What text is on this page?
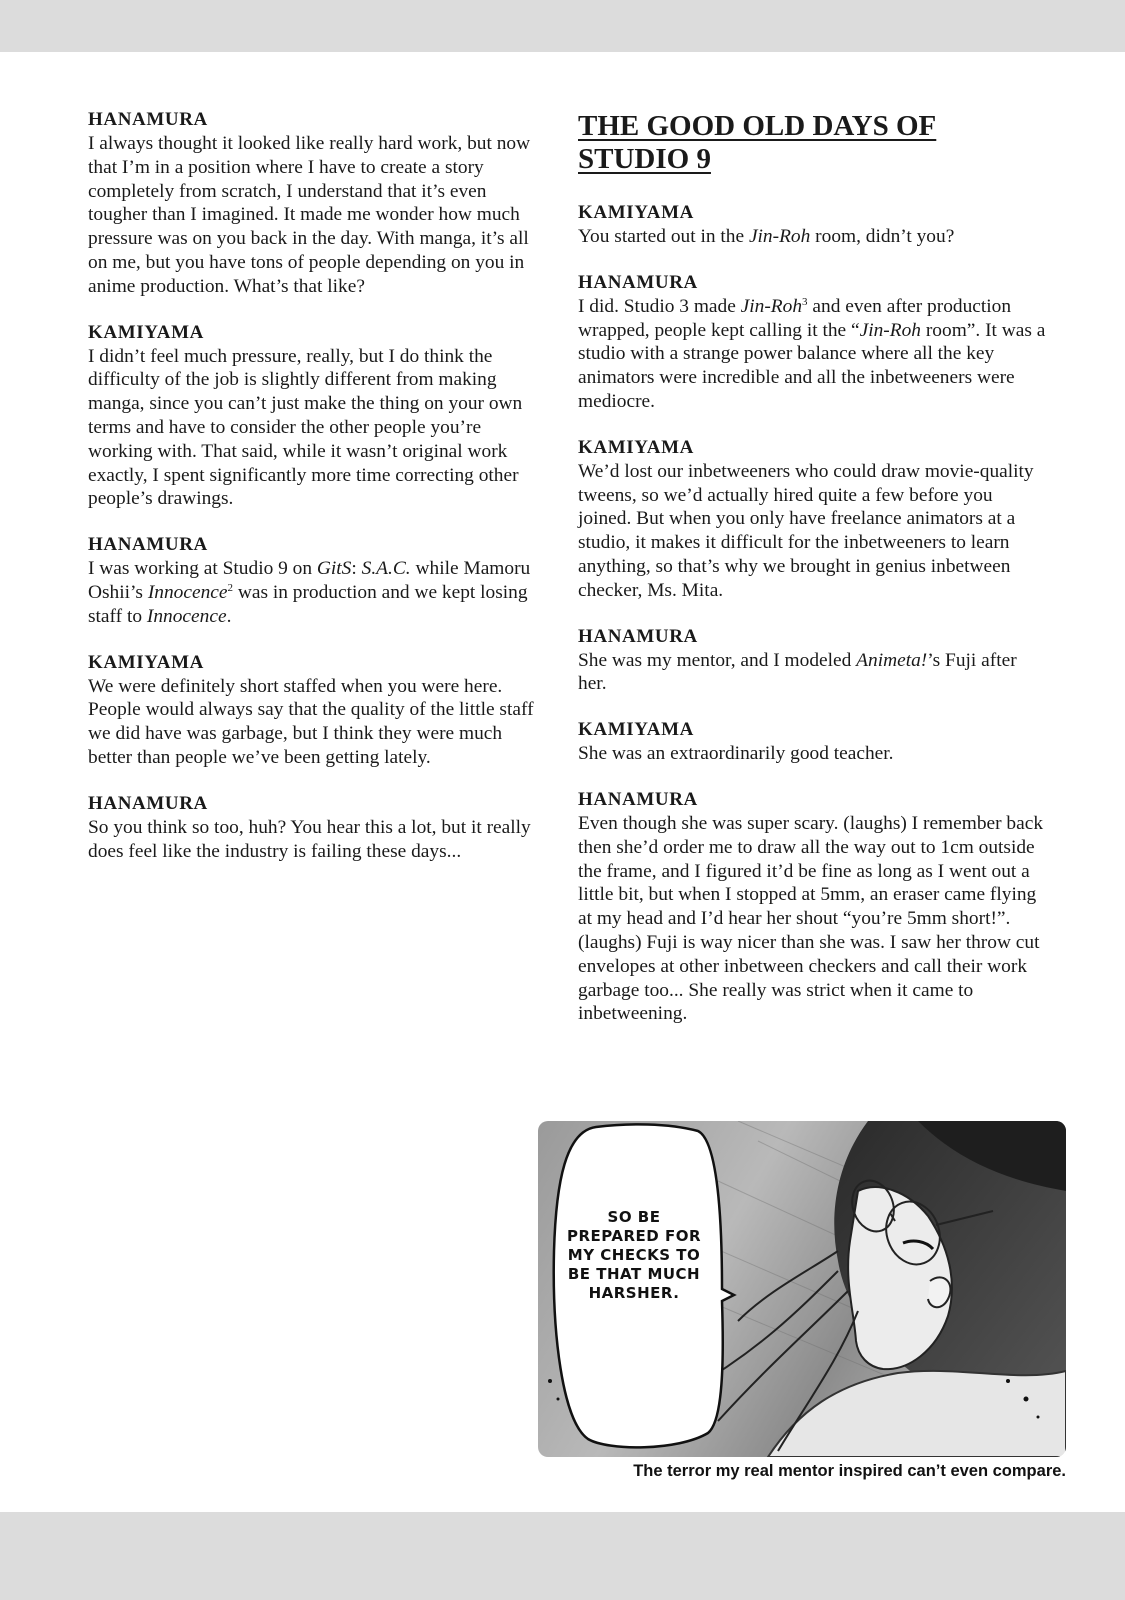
HANAMURA

I always thought it looked like really hard work, but now that I’m in a position where I have to create a story completely from scratch, I understand that it’s even tougher than I imagined. It made me wonder how much pressure was on you back in the day. With manga, it’s all on me, but you have tons of people depending on you in anime production. What’s that like?

KAMIYAMA

I didn’t feel much pressure, really, but I do think the difficulty of the job is slightly different from making manga, since you can’t just make the thing on your own terms and have to consider the other people you’re working with. That said, while it wasn’t original work exactly, I spent significantly more time correcting other people’s drawings.

HANAMURA

I was working at Studio 9 on GitS: S.A.C. while Mamoru Oshii’s Innocence$^2$ was in production and we kept losing staff to Innocence.

KAMIYAMA

We were definitely short staffed when you were here. People would always say that the quality of the little staff we did have was garbage, but I think they were much better than people we’ve been getting lately.

HANAMURA

So you think so too, huh? You hear this a lot, but it really does feel like the industry is failing these days...

THE GOOD OLD DAYS OF STUDIO 9

KAMIYAMA

You started out in the Jin-Roh room, didn’t you?

HANAMURA

I did. Studio 3 made Jin-Roh$^3$ and even after production wrapped, people kept calling it the “Jin-Roh room”. It was a studio with a strange power balance where all the key animators were incredible and all the inbetweeners were mediocre.

KAMIYAMA

We’d lost our inbetweeners who could draw movie-quality tweens, so we’d actually hired quite a few before you joined. But when you only have freelance animators at a studio, it makes it difficult for the inbetweeners to learn anything, so that’s why we brought in genius inbetween checker, Ms. Mita.

HANAMURA

She was my mentor, and I modeled Animeta!’s Fuji after her.

KAMIYAMA

She was an extraordinarily good teacher.

HANAMURA

Even though she was super scary. (laughs) I remember back then she’d order me to draw all the way out to 1cm outside the frame, and I figured it’d be fine as long as I went out a little bit, but when I stopped at 5mm, an eraser came flying at my head and I’d hear her shout “you’re 5mm short!”. (laughs) Fuji is way nicer than she was. I saw her throw cut envelopes at other inbetween checkers and call their work garbage too... She really was strict when it came to inbetweening.

SO BE PREPARED FOR MY CHECKS TO BE THAT MUCH HARSHER.
The terror my real mentor inspired can’t even compare.
